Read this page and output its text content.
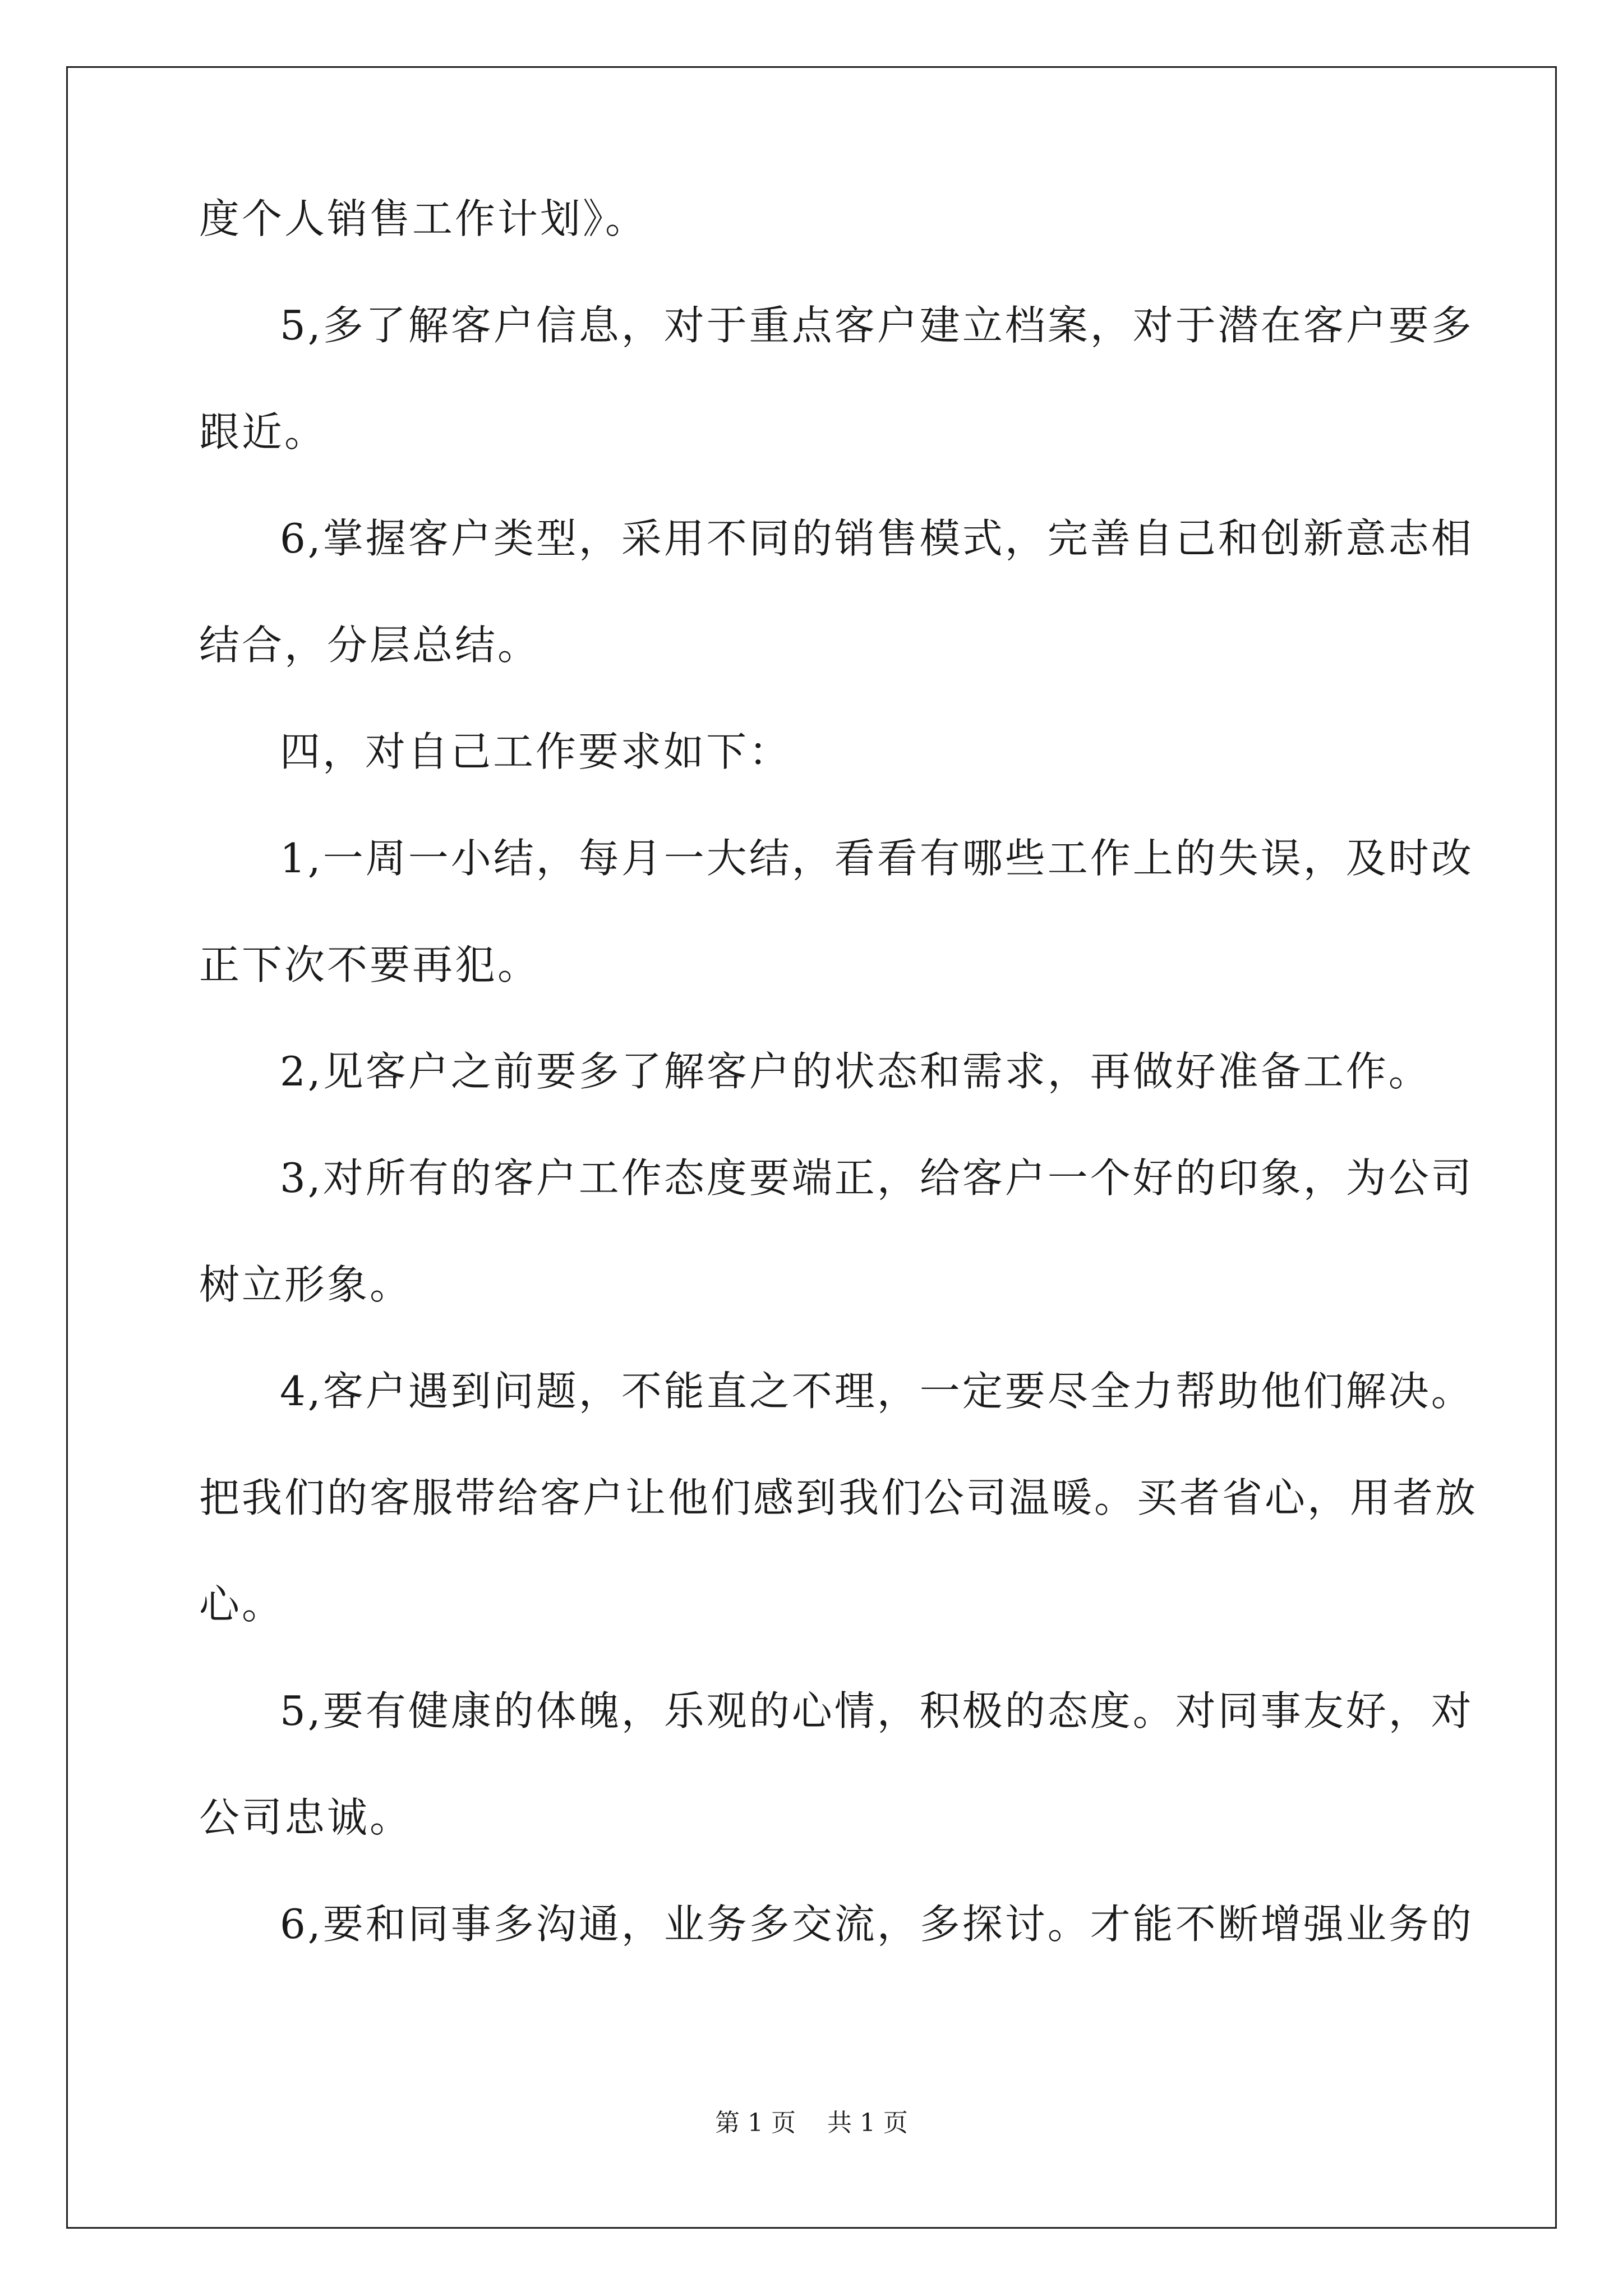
度个人销售工作计划》。
5,多了解客户信息，对于重点客户建立档案，对于潜在客户要多
跟近。
6,掌握客户类型，采用不同的销售模式，完善自己和创新意志相
结合，分层总结。
四，对自己工作要求如下：
1,一周一小结，每月一大结，看看有哪些工作上的失误，及时改
正下次不要再犯。
2,见客户之前要多了解客户的状态和需求，再做好准备工作。
3,对所有的客户工作态度要端正，给客户一个好的印象，为公司
树立形象。
4,客户遇到问题，不能直之不理，一定要尽全力帮助他们解决。
把我们的客服带给客户让他们感到我们公司温暖。买者省心，用者放
心。
5,要有健康的体魄，乐观的心情，积极的态度。对同事友好，对
公司忠诚。
6,要和同事多沟通，业务多交流，多探讨。才能不断增强业务的
第 1 页    共 1 页
